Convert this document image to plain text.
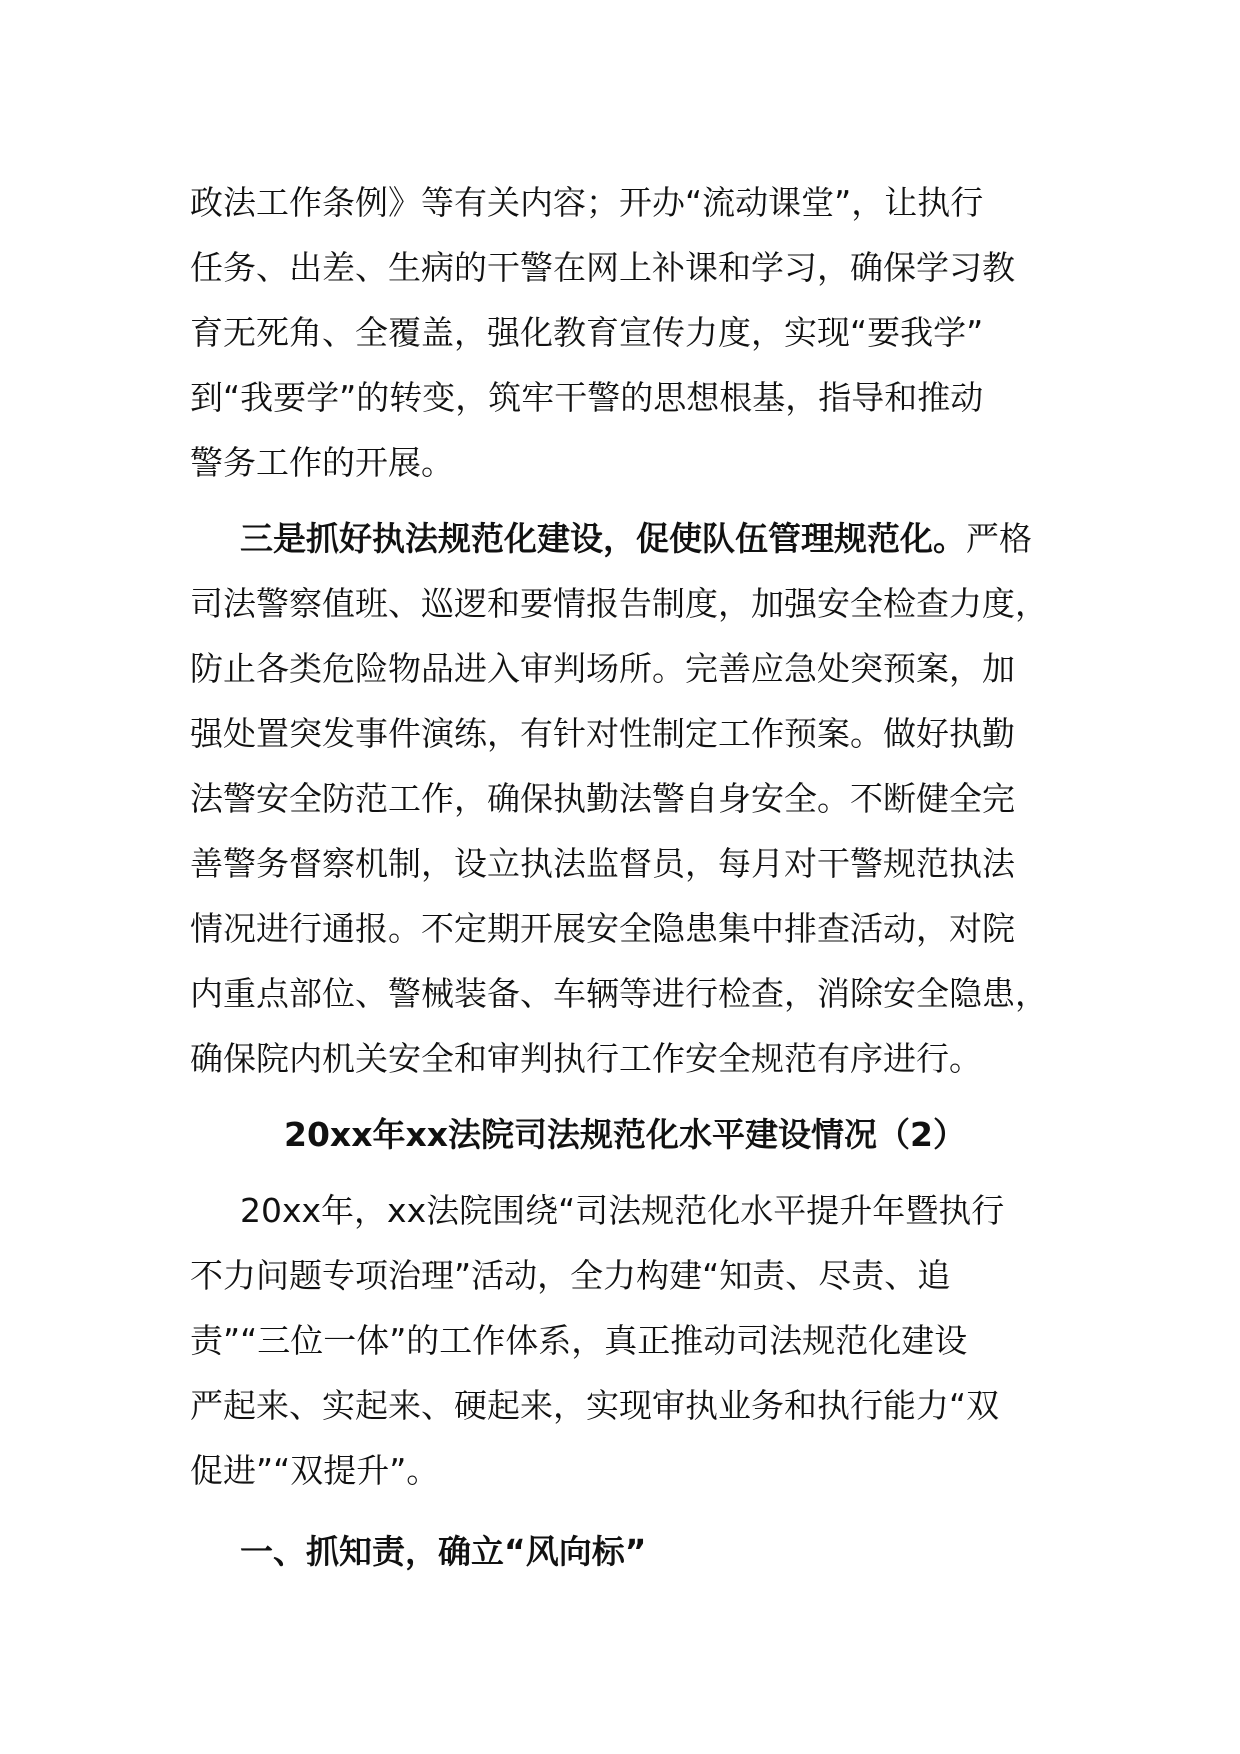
政法工作条例》等有关内容；开办“流动课堂”，让执行
任务、出差、生病的干警在网上补课和学习，确保学习教
育无死角、全覆盖，强化教育宣传力度，实现“要我学”
到“我要学”的转变，筑牢干警的思想根基，指导和推动
警务工作的开展。
三是抓好执法规范化建设，促使队伍管理规范化。严格
司法警察值班、巡逻和要情报告制度，加强安全检查力度，
防止各类危险物品进入审判场所。完善应急处突预案，加
强处置突发事件演练，有针对性制定工作预案。做好执勤
法警安全防范工作，确保执勤法警自身安全。不断健全完
善警务督察机制，设立执法监督员，每月对干警规范执法
情况进行通报。不定期开展安全隐患集中排查活动，对院
内重点部位、警械装备、车辆等进行检查，消除安全隐患，
确保院内机关安全和审判执行工作安全规范有序进行。
20xx年xx法院司法规范化水平建设情况（2）
20xx年，xx法院围绕“司法规范化水平提升年暨执行
不力问题专项治理”活动，全力构建“知责、尽责、追
责”“三位一体”的工作体系，真正推动司法规范化建设
严起来、实起来、硬起来，实现审执业务和执行能力“双
促进”“双提升”。
一、抓知责，确立“风向标”
